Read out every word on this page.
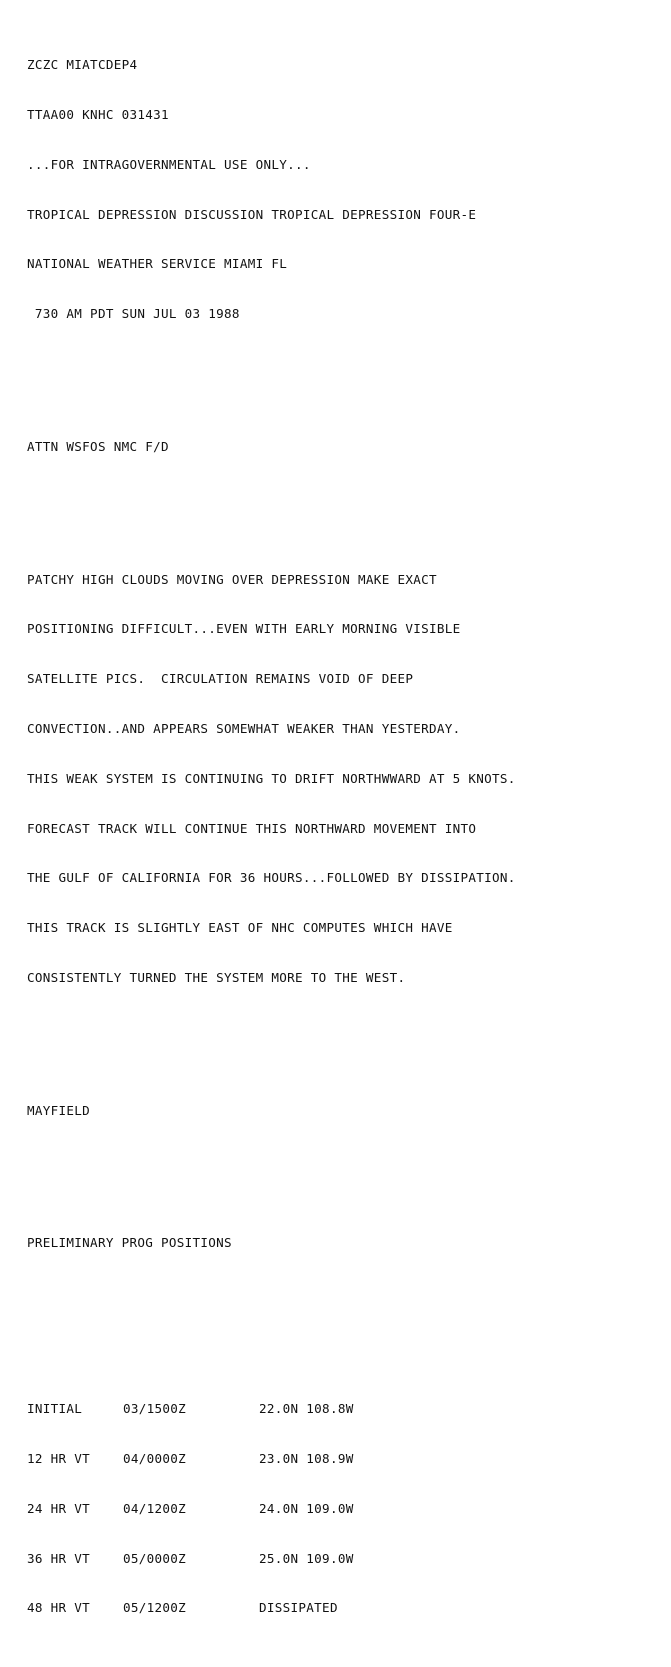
ZCZC MIATCDEP4

TTAA00 KNHC 031431

...FOR INTRAGOVERNMENTAL USE ONLY...

TROPICAL DEPRESSION DISCUSSION TROPICAL DEPRESSION FOUR-E

NATIONAL WEATHER SERVICE MIAMI FL

730 AM PDT SUN JUL 03 1988

ATTN WSFOS NMC F/D

PATCHY HIGH CLOUDS MOVING OVER DEPRESSION MAKE EXACT

POSITIONING DIFFICULT...EVEN WITH EARLY MORNING VISIBLE

SATELLITE PICS.  CIRCULATION REMAINS VOID OF DEEP

CONVECTION..AND APPEARS SOMEWHAT WEAKER THAN YESTERDAY.

THIS WEAK SYSTEM IS CONTINUING TO DRIFT NORTHWWARD AT 5 KNOTS.

FORECAST TRACK WILL CONTINUE THIS NORTHWARD MOVEMENT INTO

THE GULF OF CALIFORNIA FOR 36 HOURS...FOLLOWED BY DISSIPATION.

THIS TRACK IS SLIGHTLY EAST OF NHC COMPUTES WHICH HAVE

CONSISTENTLY TURNED THE SYSTEM MORE TO THE WEST.

MAYFIELD

PRELIMINARY PROG POSITIONS

INITIAL	03/1500Z	22.0N 108.8W

12 HR VT	04/0000Z	23.0N 108.9W

24 HR VT	04/1200Z	24.0N 109.0W

36 HR VT	05/0000Z	25.0N 109.0W

48 HR VT	05/1200Z	DISSIPATED
